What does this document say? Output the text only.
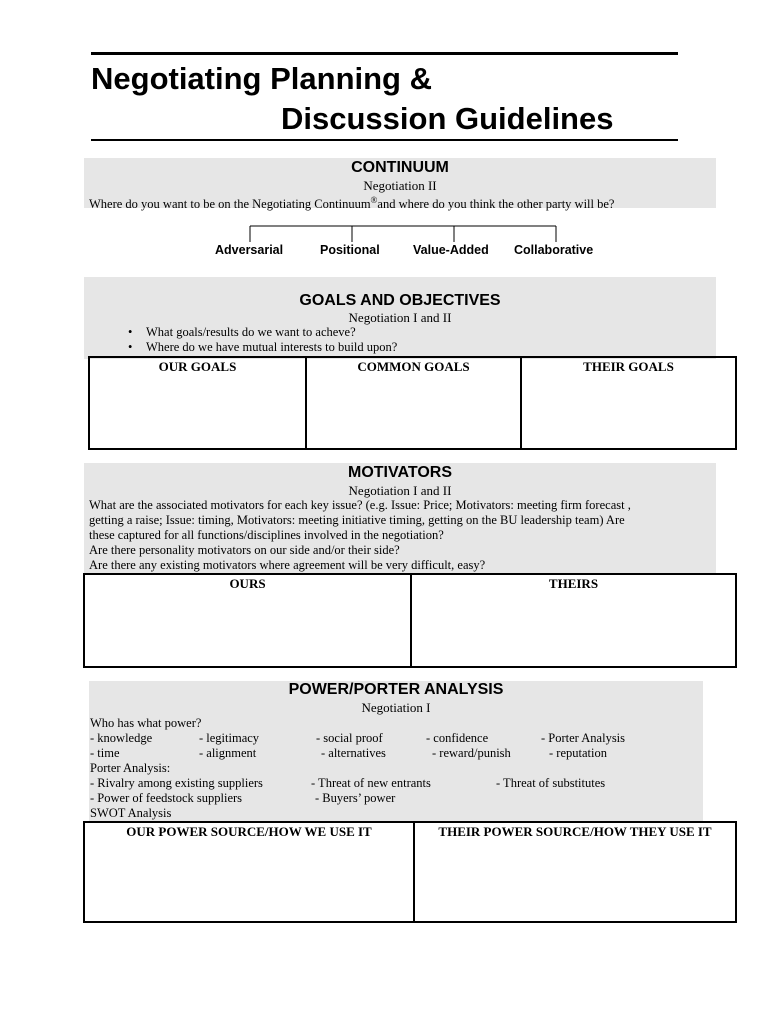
Negotiating Planning &
Discussion Guidelines
CONTINUUM
Negotiation II
Where do you want to be on the Negotiating Continuum®and where do you think the other party will be?
Adversarial	Positional	Value-Added Collaborative
GOALS AND OBJECTIVES
Negotiation I and II
• What goals/results do we want to acheve?
• Where do we have mutual interests to build upon?
OUR GOALS	COMMON GOALS	THEIR GOALS
MOTIVATORS
Negotiation I and II
What are the associated motivators for each key issue? (e.g. Issue: Price; Motivators: meeting firm forecast ,
getting a raise; Issue: timing, Motivators: meeting initiative timing, getting on the BU leadership team) Are
these captured for all functions/disciplines involved in the negotiation?
Are there personality motivators on our side and/or their side?
Are there any existing motivators where agreement will be very difficult, easy?
OURS	THEIRS
POWER/PORTER ANALYSIS
Negotiation I
Who has what power?
- knowledge	- legitimacy	- social proof	- confidence	- Porter Analysis
- time	- alignment	- alternatives	- reward/punish	- reputation
Porter Analysis:
- Rivalry among existing suppliers	- Threat of new entrants	- Threat of substitutes
- Power of feedstock suppliers	- Buyers’ power
SWOT Analysis
OUR POWER SOURCE/HOW WE USE IT	THEIR POWER SOURCE/HOW THEY USE IT
